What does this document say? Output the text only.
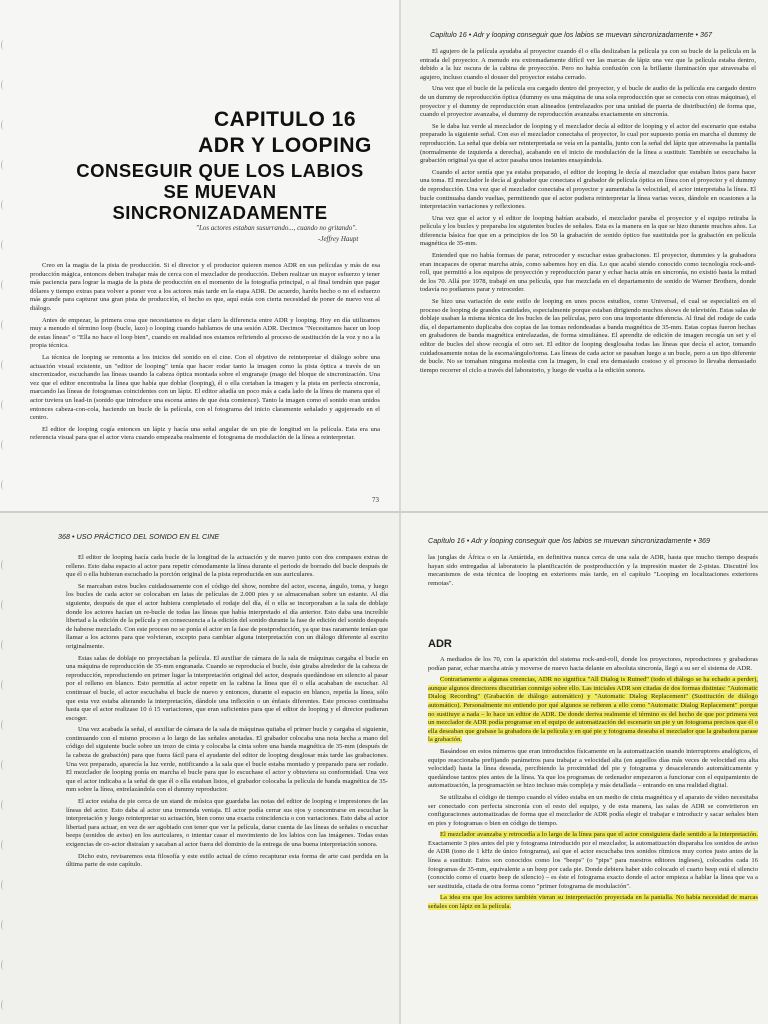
CAPITULO 16
ADR Y LOOPING
CONSEGUIR QUE LOS LABIOS
SE MUEVAN SINCRONIZADAMENTE
"Los actores estaban susurrando..., cuando no gritando".
-Jeffrey Haupt

Creo en la magia de la pista de producción. Si el director y el productor quieren menos ADR en sus películas y más de esa producción mágica, entonces deben trabajar más de cerca con el mezclador de producción. Deben realizar un mayor esfuerzo y tener más paciencia para lograr la magia de la pista de producción en el momento de la fotografía principal, o al final tendrán que pagar dólares y tiempo extras para volver a poner voz a los actores más tarde en la etapa ADR. De acuerdo, haréis hecho o no el esfuerzo más grande para capturar una gran pista de producción, el hecho es que, aquí estás con cierta necesidad de poner de nuevo voz al diálogo.

Antes de empezar, la primera cosa que necesitamos es dejar claro la diferencia entre ADR y looping. Hoy en día utilizamos muy a menudo el término loop (bucle, lazo) o looping cuando hablamos de una sesión ADR. Decimos "Necesitamos hacer un loop de estas líneas" o "Ella no hace el loop bien", cuando en realidad nos estamos refiriendo al proceso de sustitución de la voz y no a la propia técnica.

La técnica de looping se remonta a los inicios del sonido en el cine. Con el objetivo de reinterpretar el diálogo sobre una actuación visual existente, un "editor de looping" tenía que hacer rodar tanto la imagen como la pista óptica a través de un sincronizador, escuchando las líneas usando la cabeza óptica montada sobre el engranaje (mago del bloque de sincronización. Una vez que el editor encontraba la línea que había que doblar (looping), él o ella cortaban la imagen y la pista en perfecta sincronía, marcando las líneas de fotogramas coincidentes con un lápiz. El editor añadía un poco más a cada lado de la línea de manera que el actor tuviera un lead-in (sonido que introduce una escena antes de que ésta comience). Tanto la imagen como el sonido eran unidos entonces cabeza-con-cola, haciendo un bucle de la película, con el fotograma del inicio claramente señalado y agujereado en el centro.

El editor de looping cogía entonces un lápiz y hacía una señal angular de un pie de longitud en la película. Esta era una referencia visual para que el actor viera cuando empezaba realmente el fotograma de modulación de la línea a reinterpretar.

73
Capítulo 16 • Adr y looping conseguir que los labios se muevan sincronizadamente • 367

El agujero de la película ayudaba al proyector cuando él o ella deslizaban la película ya con su bucle de la película en la entrada del proyector. A menudo era extremadamente difícil ver las marcas de lápiz una vez que la película estaba dentro, debido a la luz oscura de la cabina de proyección. Pero no había confusión con la brillante iluminación que atravesaba el agujero, incluso cuando el douser del proyector estaba cerrado.

Una vez que el bucle de la película era cargado dentro del proyector, y el bucle de audio de la película era cargado dentro de un dummy de reproducción óptica (dummy es una máquina de una sola reproducción que se conecta con otras máquinas), el proyector y el dummy de reproducción eran alineados (entrelazados por una unidad de puerta de distribución) de forma que, cuando el proyector avanzaba, el dummy de reproducción avanzaba exactamente en sincronía.

Se le daba luz verde al mezclador de looping y el mezclador decía al editor de looping y el actor del escenario que estaba preparado la siguiente señal. Con eso el mezclador conectaba el proyector, lo cual por supuesto ponía en marcha el dummy de reproducción. La señal que debía ser reinterpretada se veía en la pantalla, junto con la señal del lápiz que atravesaba la pantalla (normalmente de izquierda a derecha), acabando en el inicio de modulación de la línea a sustituir. También se escuchaba la grabación original ya que el actor pasaba unos instantes ensayándola.

Cuando el actor sentía que ya estaba preparado, el editor de looping le decía al mezclador que estaban listos para hacer una toma. El mezclador le decía al grabador que conectara el grabador de película óptica en línea con el proyector y el dummy de reproducción. Una vez que el mezclador conectaba el proyector y aumentaba la velocidad, el actor interpretaba la línea. El bucle continuaba dando vueltas, permitiendo que el actor pudiera reinterpretar la línea varias veces, dándole en ocasiones a la interpretación variaciones y reflexiones.

Una vez que el actor y el editor de looping habían acabado, el mezclador paraba el proyector y el equipo retiraba la película y los bucles y preparaba los siguientes bucles de señales. Esta es la manera en la que se hizo durante muchos años. La diferencia básica fue que en a principios de los 50 la grabación de sonido óptico fue sustituida por la grabación en película magnética de 35-mm.

Entended que no había formas de parar, retroceder y escuchar estas grabaciones. El proyector, dummies y la grabadora eran incapaces de operar marcha atrás, como sabemos hoy en día. Lo que acabó siendo conocido como tecnología rock-and-roll, que permitió a los equipos de proyección y reproducción parar y echar hacia atrás en sincronía, no existió hasta la mitad de los 70. Allá por 1978, trabajé en una película, que fue mezclada en el departamento de sonido de Warner Brothers, donde todavía no podíamos parar y retroceder.

Se hizo una variación de este estilo de looping en unos pocos estudios, como Universal, el cual se especializó en el proceso de looping de grandes cantidades, especialmente porque estaban dirigiendo muchos shows de televisión. Estas salas de doblaje usaban la misma técnica de los bucles de las películas, pero con una importante diferencia. Al final del rodaje de cada día, el departamento duplicaba dos copias de las tomas redondeadas a banda magnética de 35-mm. Estas copias fueron hechas en grabadores de banda magnética entrelazadas, de forma simultánea. El aprendiz de edición de imagen recogía un set y el editor de bucles del show recogía el otro set. El editor de looping desglosaba todas las líneas que decía el actor, tomando cuidadosamente notas de la escena/ángulo/toma. Las líneas de cada actor se pasaban luego a un bucle, pero a un tipo diferente de bucle. No se tomaban ninguna molestia con la imagen, lo cual era demasiado costoso y el proceso lo llevaba demasiado tiempo recorrer el ciclo a través del laboratorio, y luego de vuelta a la edición sonora.

368 • USO PRÁCTICO DEL SONIDO EN EL CINE

El editor de looping hacía cada bucle de la longitud de la actuación y de nuevo junto con dos compases extras de relleno. Esto daba espacio al actor para repetir cómodamente la línea durante el periodo de borrado del bucle después de que él o ella hubieran escuchado la porción original de la pista reproducida en sus auriculares.

Se marcaban estos bucles cuidadosamente con el código del show, nombre del actor, escena, ángulo, toma, y luego los bucles de cada actor se colocaban en latas de películas de 2.000 pies y se almacenaban sobre un estante. Al día siguiente, después de que el actor hubiera completado el rodaje del día, él o ella se incorporaban a la sala de doblaje donde los actores hacían un re-bucle de todas las líneas que había interpretado el día anterior. Esto daba una increíble libertad a la edición de la película y en consecuencia a la edición del sonido durante la fase de edición del sonido después de haberse mezclado. Con este proceso no se ponía el actor en la fase de postproducción, ya que tras raramente tenían que llamar a los actores para que volvieran, excepto para cambiar alguna interpretación con un diálogo diferente al escrito originalmente.

Estas salas de doblaje no proyectaban la película. El auxiliar de cámara de la sala de máquinas cargaba el bucle en una máquina de reproducción de 35-mm engranada. Cuando se reproducía el bucle, éste giraba alrededor de la cabeza de reproducción, reproduciendo en primer lugar la interpretación original del actor, después quedándose en silencio al pasar por el relleno en blanco. Esto permitía al actor repetir en la cabina la línea que él o ella acababan de escuchar. Al continuar el bucle, el actor escuchaba el bucle de nuevo y entonces, durante el espacio en blanco, repetía la línea, sólo que esta vez estaba alterando la interpretación, dándole una inflexión o un énfasis diferentes. Este proceso continuaba hasta que el actor realizase 10 ó 15 variaciones, que eran suficientes para que el editor de looping y el director pudieran escoger.

Una vez acabada la señal, el auxiliar de cámara de la sala de máquinas quitaba el primer bucle y cargaba el siguiente, continuando con el mismo proceso a lo largo de las señales anotadas. El grabador colocaba una nota hecha a mano del código del siguiente bucle sobre un trozo de cinta y colocaba la cinta sobre una banda magnética de 35-mm (después de la cabeza de grabación) para que fuera fácil para el ayudante del editor de looping desglosar más tarde las grabaciones. Una vez preparado, aparecía la luz verde, notificando a la sala que el bucle estaba montado y preparado para ser rodado. El mezclador de looping ponía en marcha el bucle para que lo escuchase el actor y obtuviera su conformidad. Una vez que el actor indicaba a la señal de que él o ella estaban listos, el grabador colocaba la película de banda magnética de 35-mm sobre la línea, entrelazándola con el dummy reproductor.

El actor estaba de pie cerca de un stand de música que guardaba las notas del editor de looping e impresiones de las líneas del actor. Esto daba al actor una tremenda ventaja. El actor podía cerrar sus ojos y concentrarse en escuchar la interpretación y luego reinterpretar su actuación, bien como una exacta coincidencia o con variaciones. Esto daba al actor libertad para actuar, en vez de ser agobiado con tener que ver la película, darse cuenta de las líneas de señales o escuchar beeps (sonidos de aviso) en los auriculares, o intentar casar el movimiento de los labios con las imágenes. Todas estas exigencias de co-actor distraían y sacaban al actor fuera del dominio de la entrega de una buena interpretación sonora.

Dicho esto, revisaremos esta filosofía y este estilo actual de cómo recapturar esta forma de arte casi perdida en la última parte de este capítulo.

Capítulo 16 • Adr y looping conseguir que los labios se muevan sincronizadamente • 369

las junglas de África o en la Antártida, en definitiva nunca cerca de una sala de ADR, hasta que mucho tiempo después hayan sido entregadas al laboratorio la planificación de postproducción y la impresión master de 2-pistas. Discutiré los mecanismos de esta técnica de looping en exteriores más tarde, en el capítulo "Looping en localizaciones exteriores remotas".

ADR

A mediados de los 70, con la aparición del sistema rock-and-roll, donde los proyectores, reproductores y grabadoras podían parar, echar marcha atrás y moverse de nuevo hacia delante en absoluta sincronía, llegó a su ser el sistema de ADR.

Contrariamente a algunas creencias, ADR no significa "All Dialog is Ruined" (todo el diálogo se ha echado a perder), aunque algunos directores discutirían conmigo sobre ello. Las iniciales ADR son citadas de dos formas distintas: "Automatic Dialog Recording" (Grabación de diálogo automático) y "Automatic Dialog Replacement" (Sustitución de diálogo automático). Personalmente no entiendo por qué algunos se refieren a ello como "Automatic Dialog Replacement" porque no sustituye a nada – lo hace un editor de ADR. De donde deriva realmente el término es del hecho de que por primera vez un mezclador de ADR podía programar en el equipo de automatización del escenario un pie y un fotograma precisos que él o ella deseaban que grabase la grabadora de la película y en qué pie y fotograma deseaba el mezclador que la grabadora parase la grabación.

Basándose en estos números que eran introducidos físicamente en la automatización usando interruptores analógicos, el equipo reaccionaba prefijando parámetros para trabajar a velocidad alta (en aquellos días más veces de velocidad era alta velocidad) hasta la línea deseada, percibiendo la proximidad del pie y fotograma y desacelerando automáticamente y quedándose tantos pies antes de la línea. Ya que los programas de ordenador empezaron a funcionar con el equipamiento de automatización, la programación se hizo incluso más compleja y más detallada – entrando en una realidad digital.

Se utilizaba el código de tiempo cuando el vídeo estaba en un medio de cinta magnética y el aparato de vídeo necesitaba ser conectado con perfecta sincronía con el resto del equipo, y de esta manera, las salas de ADR se convirtieron en configuraciones automatizadas de forma que el mezclador de ADR podía elegir el trabajar e introducir y sacar señales bien en pies y fotogramas o bien en código de tiempo.

El mezclador avanzaba y retrocedía a lo largo de la línea para que el actor consiguiera darle sentido a la interpretación. Exactamente 3 pies antes del pie y fotograma introducido por el mezclador, la automatización disparaba los sonidos de aviso de ADR (tono de 1 kHz de único fotograma), así que el actor escuchaba tres sonidos rítmicos muy cortos justo antes de la línea a sustituir. Estos son conocidos como los "beeps" (o "pips" para nuestros editores ingleses), colocados cada 16 fotogramas de 35-mm, equivalente a un beep por cada pie. Donde debiera haber sido colocado el cuarto beep está el silencio (conocido como el cuarto beep de silencio) – es éste el fotograma exacto donde el actor empieza a hablar la línea que va a ser sustituida, citada de otra forma como "primer fotograma de modulación".

La idea era que los actores también vieran su interpretación proyectada en la pantalla. No había necesidad de marcas señales con lápiz en la película.
